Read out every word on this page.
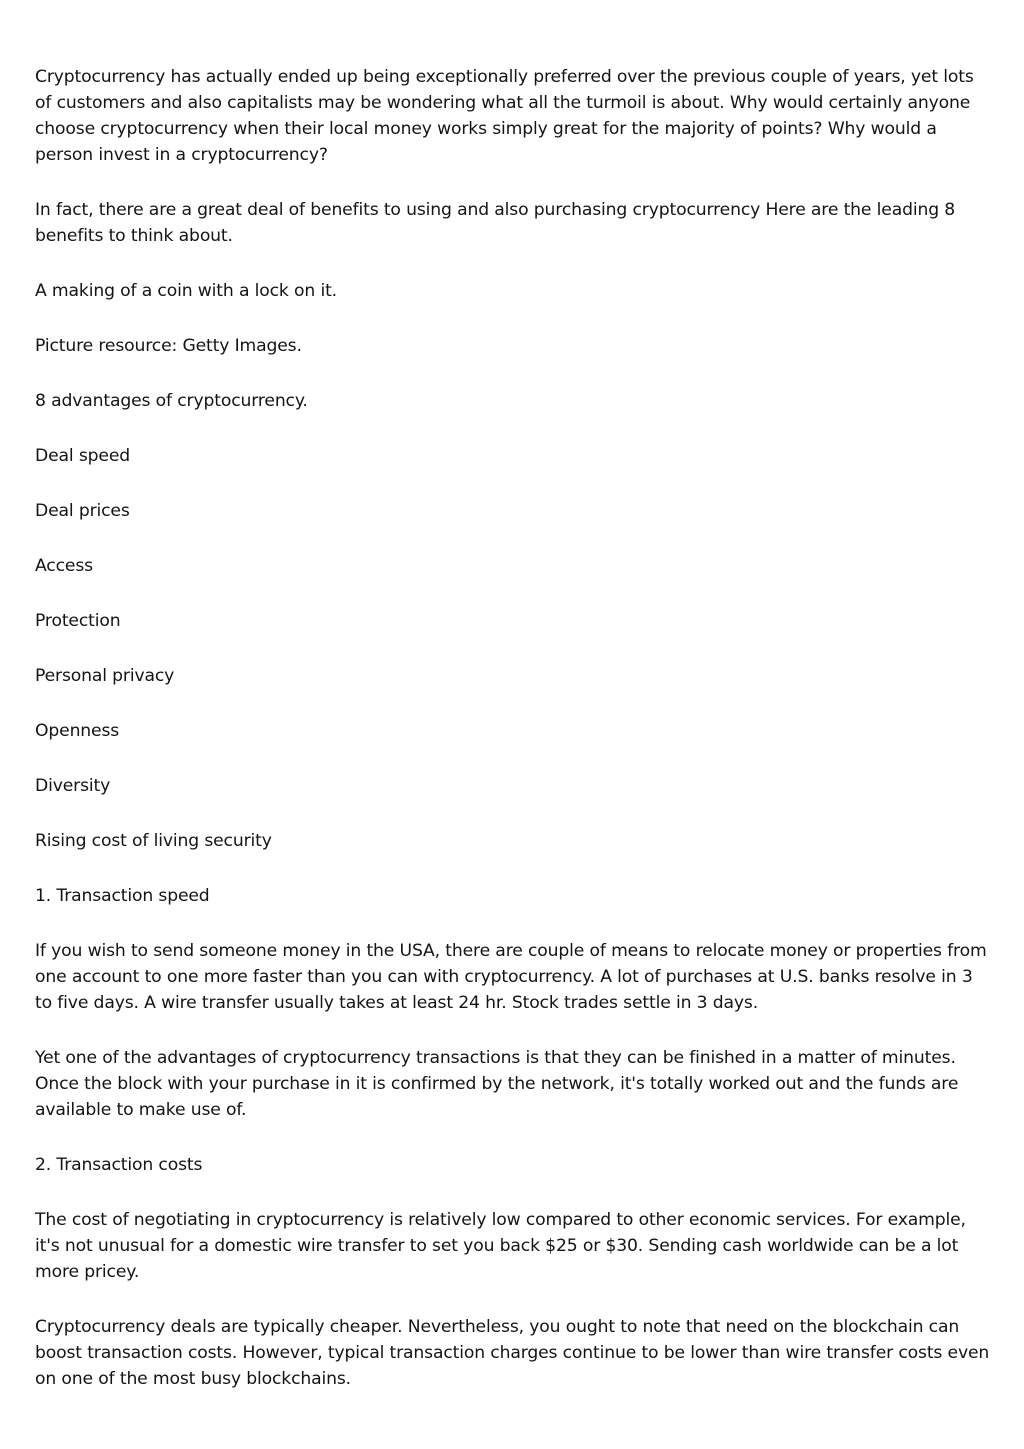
Cryptocurrency has actually ended up being exceptionally preferred over the previous couple of years, yet lots of customers and also capitalists may be wondering what all the turmoil is about. Why would certainly anyone choose cryptocurrency when their local money works simply great for the majority of points? Why would a person invest in a cryptocurrency?

In fact, there are a great deal of benefits to using and also purchasing cryptocurrency Here are the leading 8 benefits to think about.

A making of a coin with a lock on it.

Picture resource: Getty Images.

8 advantages of cryptocurrency.

Deal speed

Deal prices

Access

Protection

Personal privacy

Openness

Diversity

Rising cost of living security

1. Transaction speed

If you wish to send someone money in the USA, there are couple of means to relocate money or properties from one account to one more faster than you can with cryptocurrency. A lot of purchases at U.S. banks resolve in 3 to five days. A wire transfer usually takes at least 24 hr. Stock trades settle in 3 days.

Yet one of the advantages of cryptocurrency transactions is that they can be finished in a matter of minutes. Once the block with your purchase in it is confirmed by the network, it's totally worked out and the funds are available to make use of.

2. Transaction costs

The cost of negotiating in cryptocurrency is relatively low compared to other economic services. For example, it's not unusual for a domestic wire transfer to set you back $25 or $30. Sending cash worldwide can be a lot more pricey.

Cryptocurrency deals are typically cheaper. Nevertheless, you ought to note that need on the blockchain can boost transaction costs. However, typical transaction charges continue to be lower than wire transfer costs even on one of the most busy blockchains.
